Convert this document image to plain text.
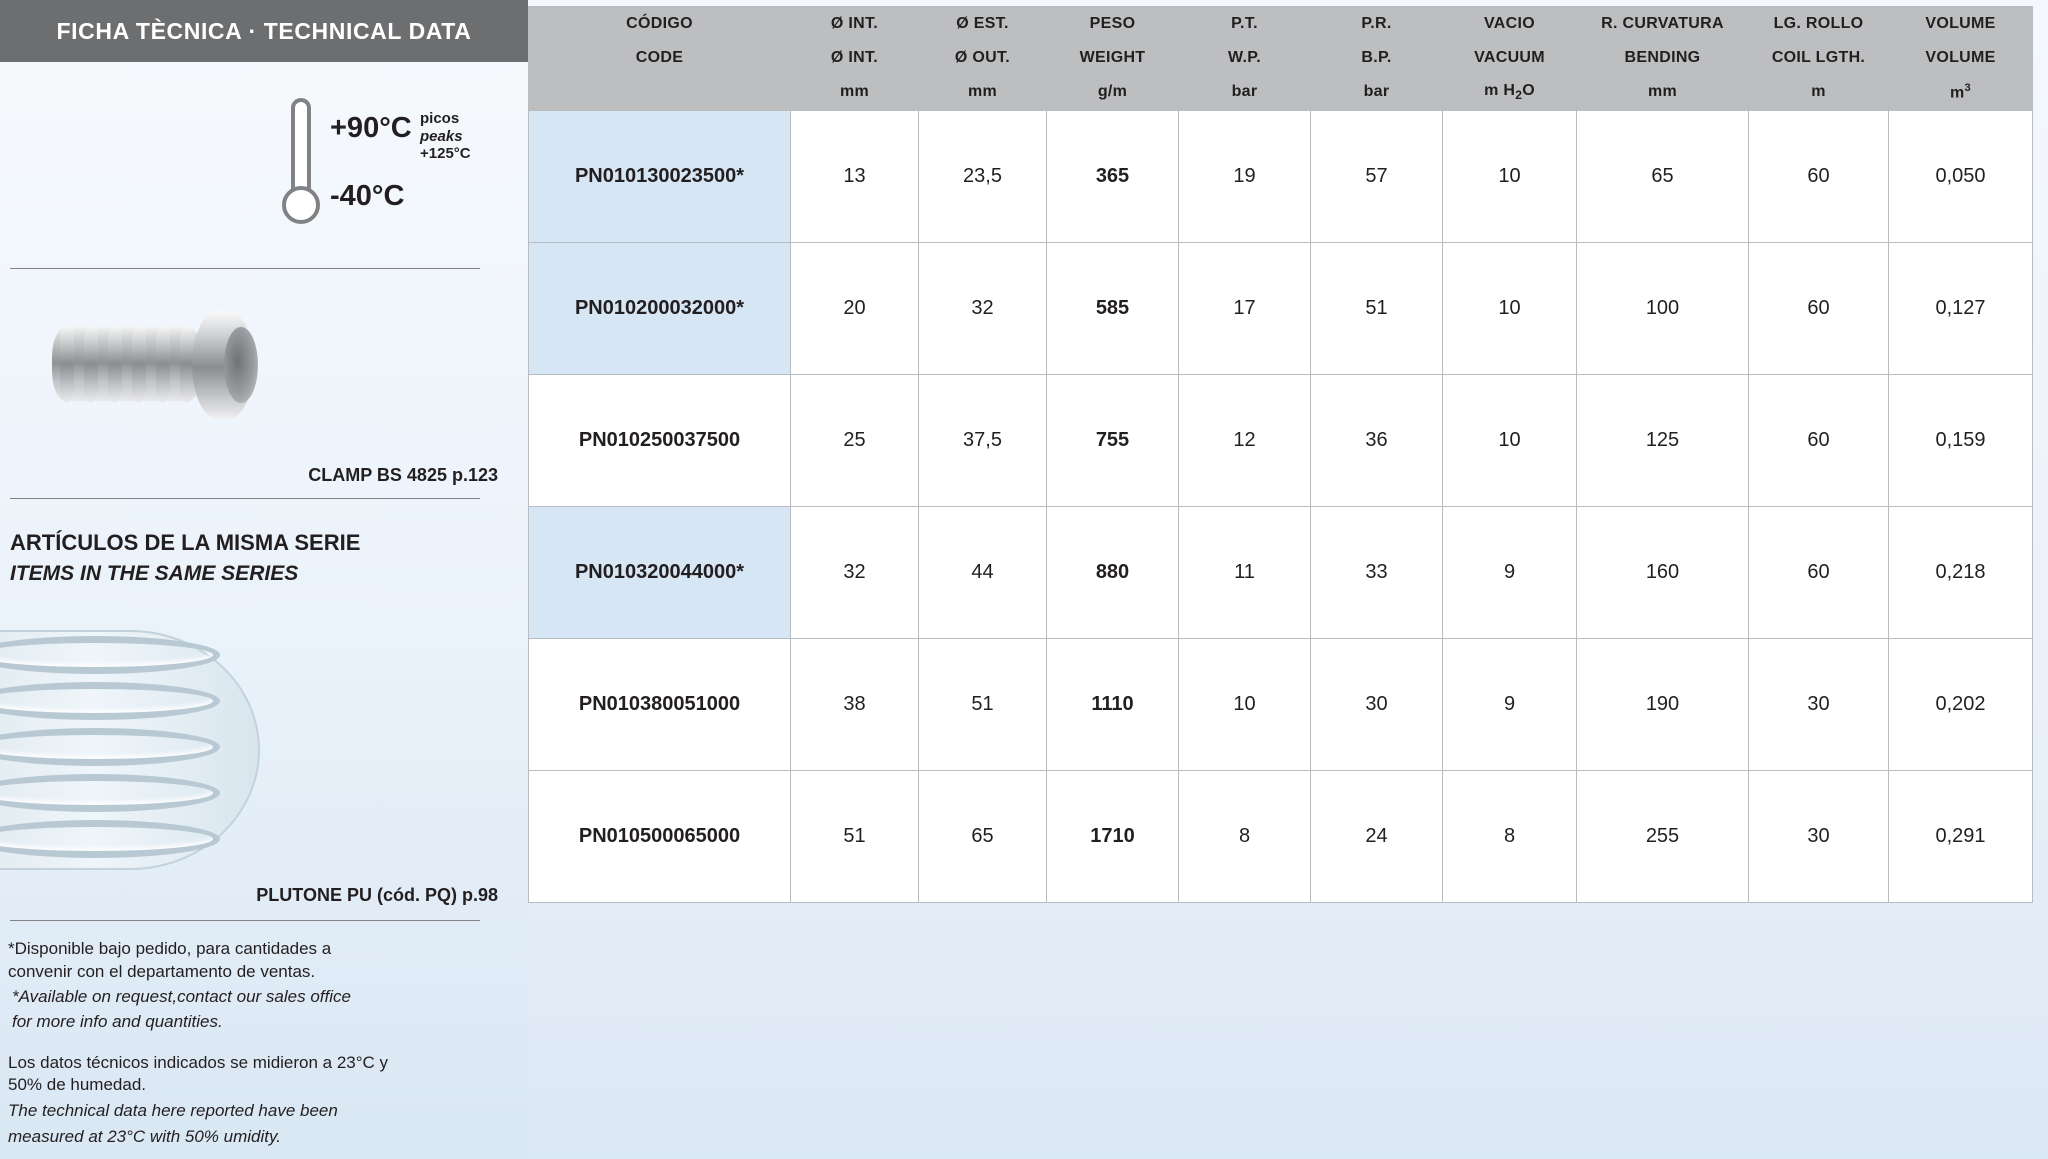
FICHA TÈCNICA · TECHNICAL DATA
+90°C
-40°C
picos
peaks
+125°C
CLAMP BS 4825 p.123
ARTÍCULOS DE LA MISMA SERIE
ITEMS IN THE SAME SERIES
PLUTONE PU (cód. PQ) p.98
*Disponible bajo pedido, para cantidades a
convenir con el departamento de ventas.
*Available on request,contact our sales office
for more info and quantities.
Los datos técnicos indicados se midieron a 23°C y
50% de humedad.
The technical data here reported have been
measured at 23°C with 50% umidity.
CÓDIGO	Ø INT.	Ø EST.	PESO	P.T.	P.R.	VACIO	R. CURVATURA	LG. ROLLO	VOLUME
CODE	Ø INT.	Ø OUT.	WEIGHT	W.P.	B.P.	VACUUM	BENDING	COIL LGTH.	VOLUME
	mm	mm	g/m	bar	bar	m $H_2O$	mm	m	$m^3$
PN010130023500*	13	23,5	365	19	57	10	65	60	0,050
PN010200032000*	20	32	585	17	51	10	100	60	0,127
PN010250037500	25	37,5	755	12	36	10	125	60	0,159
PN010320044000*	32	44	880	11	33	9	160	60	0,218
PN010380051000	38	51	1110	10	30	9	190	30	0,202
PN010500065000	51	65	1710	8	24	8	255	30	0,291
